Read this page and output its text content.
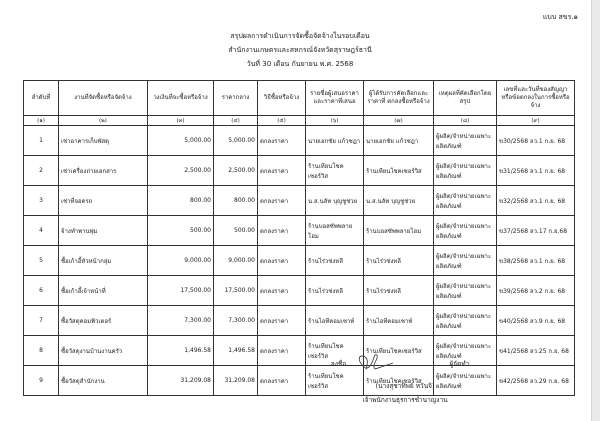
แบบ สขร.๑
สรุปผลการดำเนินการจัดซื้อจัดจ้างในรอบเดือน
สำนักงานเกษตรและสหกรณ์จังหวัดสุราษฎร์ธานี
วันที่ 30 เดือน กันยายน พ.ศ. 2568
ลำดับที่	งานที่จัดซื้อหรือจัดจ้าง	วงเงินที่จะซื้อหรือจ้าง	ราคากลาง	วิธีซื้อหรือจ้าง	รายชื่อผู้เสนอราคา และราคาที่เสนอ	ผู้ได้รับการคัดเลือกและราคาที่ ตกลงซื้อหรือจ้าง	เหตุผลที่คัดเลือกโดยสรุป	เลขที่และวันที่ของสัญญา หรือข้อตกลงในการซื้อหรือจ้าง
(๑)	(๒)	(๓)	(๔)	(๕)	(๖)	(๗)	(๘)	(๙)
1	เช่าอาคารเก็บพัสดุ	5,000.00	5,000.00	ตกลงราคา	นายเอกชัย แก้วชฎา	นายเอกชัย แก้วชฎา	ผู้ผลิต/จำหน่ายเฉพาะผลิตภัณฑ์	ข30/2568 ลว.1 ก.ย. 68
2	เช่าเครื่องถ่ายเอกสาร	2,500.00	2,500.00	ตกลงราคา	ร้านเทียนโชคเซอร์วิส	ร้านเทียนโชคเซอร์วิส	ผู้ผลิต/จำหน่ายเฉพาะผลิตภัณฑ์	ข31/2568 ลว.1 ก.ย. 68
3	เช่าที่จอดรถ	800.00	800.00	ตกลงราคา	น.ส.นลัท บุญชูช่วย	น.ส.นลัท บุญชูช่วย	ผู้ผลิต/จำหน่ายเฉพาะผลิตภัณฑ์	ข32/2568 ลว.1 ก.ย. 68
4	จ้างทำพานพุ่ม	500.00	500.00	ตกลงราคา	ร้านบอสซัพพลายโฮม	ร้านบอสซัพพลายโฮม	ผู้ผลิต/จำหน่ายเฉพาะผลิตภัณฑ์	ข37/2568 ลว.17 ก.ย.68
5	ซื้อเก้าอี้หัวหน้ากลุ่ม	9,000.00	9,000.00	ตกลงราคา	ร้านไร่วช่งหลี	ร้านไร่วช่งหลี	ผู้ผลิต/จำหน่ายเฉพาะผลิตภัณฑ์	ข38/2568 ลว.1 ก.ย. 68
6	ซื้อเก้าอี้เจ้าหน้าที่	17,500.00	17,500.00	ตกลงราคา	ร้านไร่วช่งหลี	ร้านไร่วช่งหลี	ผู้ผลิต/จำหน่ายเฉพาะผลิตภัณฑ์	ข39/2568 ลว.2 ก.ย. 68
7	ซื้อวัสดุคอมพิวเตอร์	7,300.00	7,300.00	ตกลงราคา	ร้านไอทีคอมเซาท์	ร้านไอทีคอมเซาท์	ผู้ผลิต/จำหน่ายเฉพาะผลิตภัณฑ์	ข40/2568 ลว.9 ก.ย. 68
8	ซื้อวัสดุงานบ้านงานครัว	1,496.58	1,496.58	ตกลงราคา	ร้านเทียนโชคเซอร์วิส	ร้านเทียนโชคเซอร์วิส	ผู้ผลิต/จำหน่ายเฉพาะผลิตภัณฑ์	ข41/2568 ลว.25 ก.ย. 68
9	ซื้อวัสดุสำนักงาน	31,209.08	31,209.08	ตกลงราคา	ร้านเทียนโชคเซอร์วิส	ร้านเทียนโชคเซอร์วิส	ผู้ผลิต/จำหน่ายเฉพาะผลิตภัณฑ์	ข42/2568 ลว.29 ก.ย. 68
ลงชื่อ..................................................ผู้จัดทำ
(นางสุชาทิพย์ หวันจิ)
เจ้าพนักงานธุรการชำนาญงาน
